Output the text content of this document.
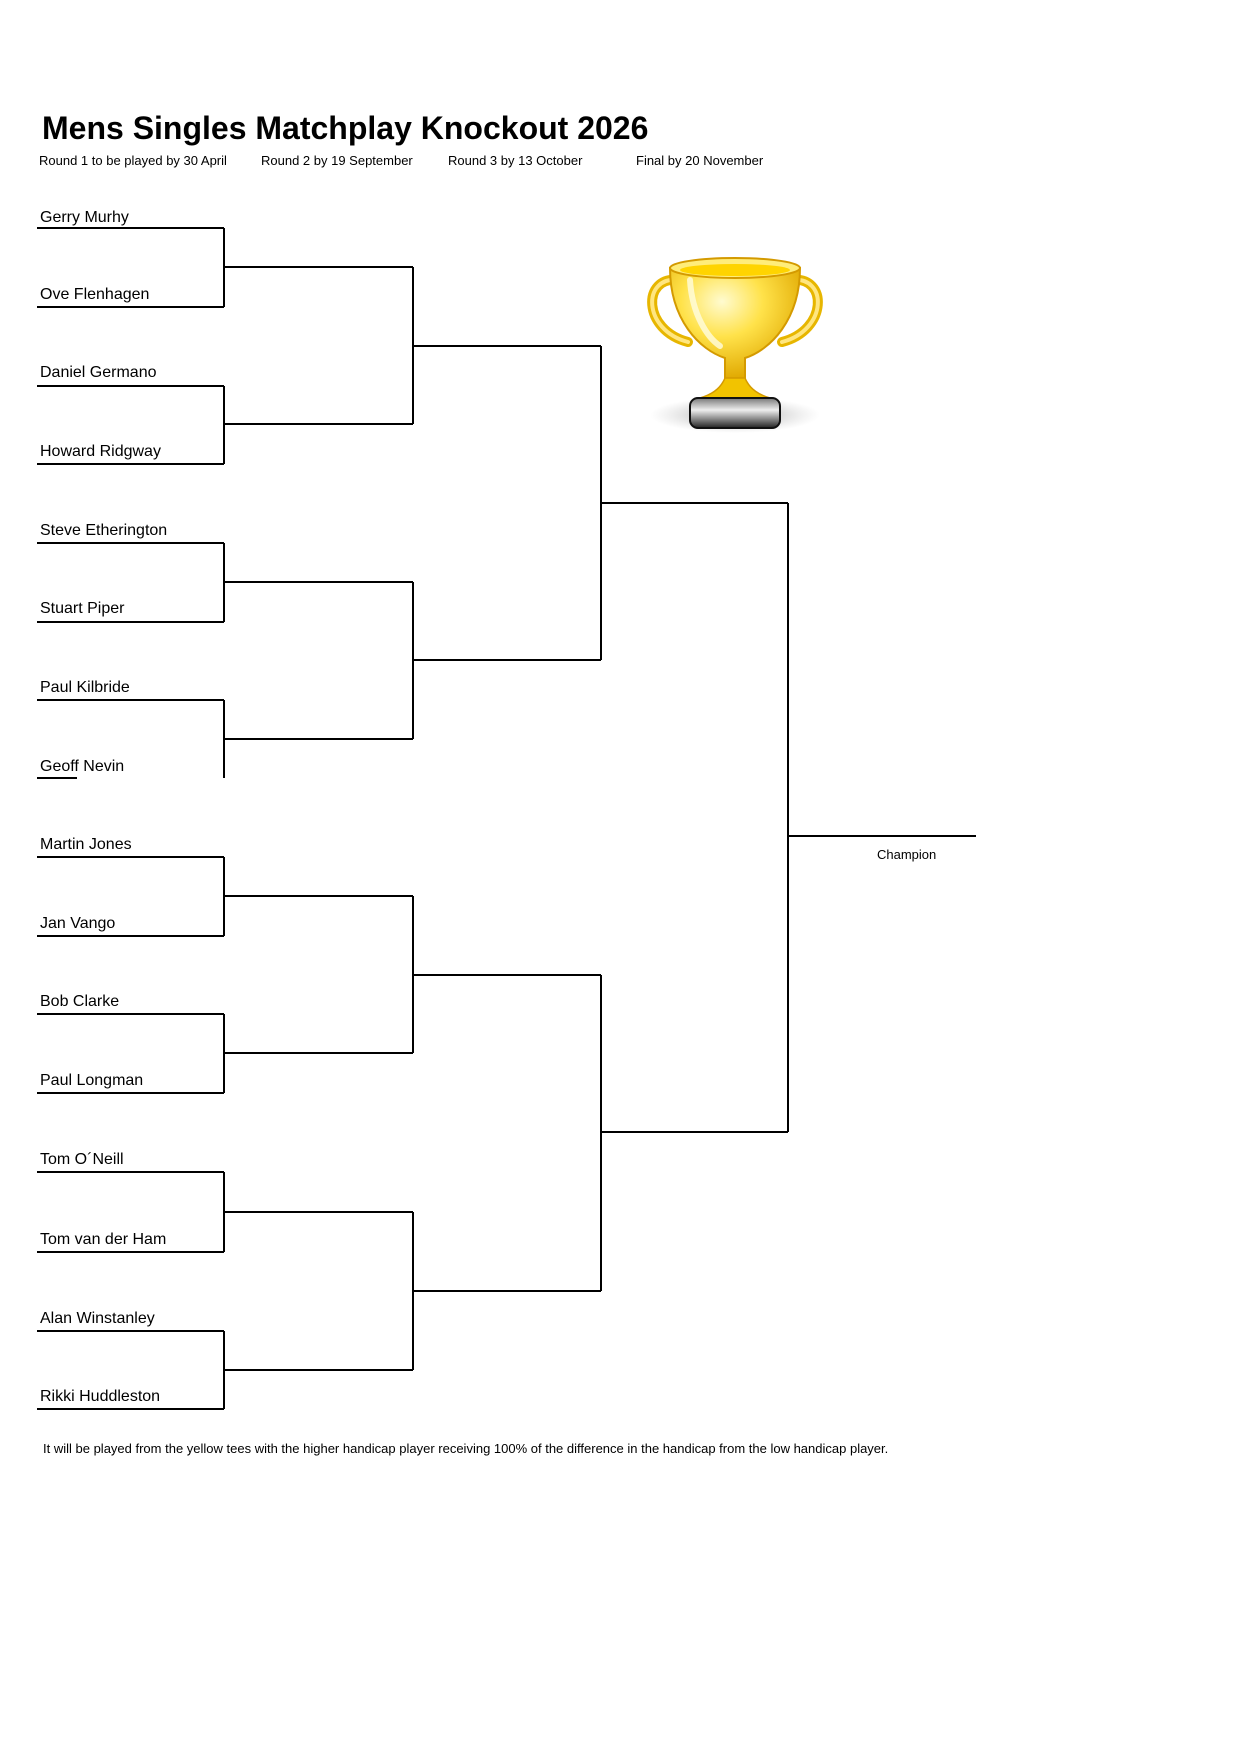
Mens Singles Matchplay Knockout 2026
Round 1 to be played by 30 April	Round 2 by 19 September	Round 3 by 13 October	Final by 20 November
Gerry Murhy
Ove Flenhagen
Daniel Germano
Howard Ridgway
Steve Etherington
Stuart Piper
Paul Kilbride
Geoff Nevin
Martin Jones
Jan Vango
Bob Clarke
Paul Longman
Tom O´Neill
Tom van der Ham
Alan Winstanley
Rikki Huddleston
Champion
It will be played from the yellow tees with the higher handicap player receiving 100% of the difference in the handicap from the low handicap player.
